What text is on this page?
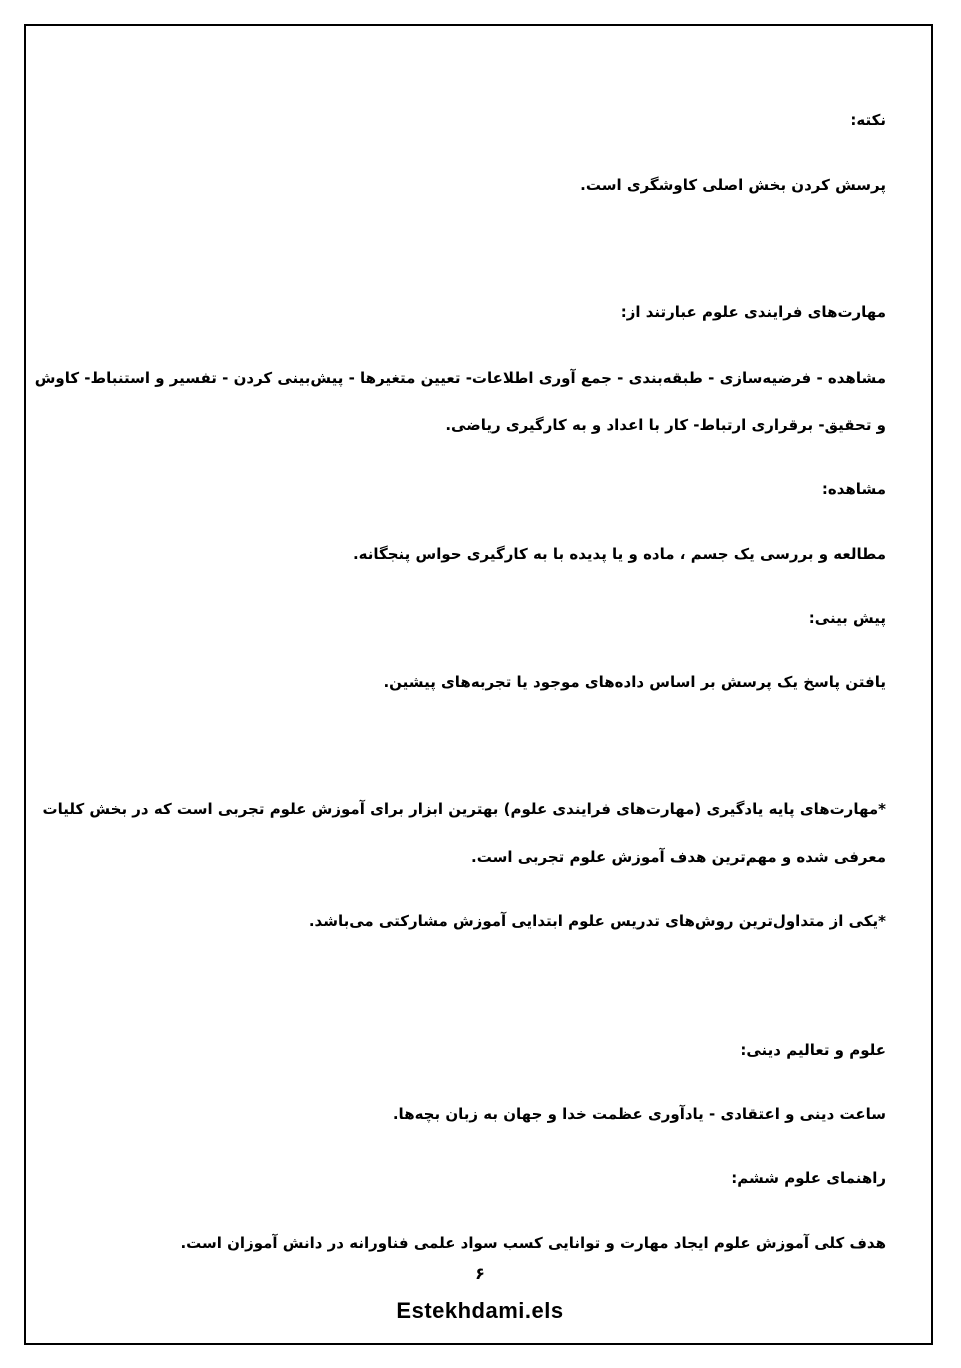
نکته:
پرسش کردن بخش اصلی کاوشگری است.
مهارت‌های فرایندی علوم عبارتند از:
مشاهده - فرضیه‌سازی - طبقه‌بندی - جمع آوری اطلاعات- تعیین متغیرها - پیش‌بینی کردن - تفسیر و استنباط- کاوش
و تحقیق- برقراری ارتباط- کار با اعداد و به کارگیری ریاضی.
مشاهده:
مطالعه و بررسی یک جسم ، ماده و یا پدیده با به کارگیری حواس پنجگانه.
پیش بینی:
یافتن پاسخ یک پرسش بر اساس داده‌های موجود یا تجربه‌های پیشین.
*مهارت‌های پایه یادگیری (مهارت‌های فرایندی علوم) بهترین ابزار برای آموزش علوم تجربی است که در بخش کلیات
معرفی شده و مهم‌ترین هدف آموزش علوم تجربی است.
*یکی از متداول‌ترین روش‌های تدریس علوم ابتدایی آموزش مشارکتی می‌باشد.
علوم و تعالیم دینی:
ساعت دینی و اعتقادی - یادآوری عظمت خدا و جهان به زبان بچه‌ها.
راهنمای علوم ششم:
هدف کلی آموزش علوم ایجاد مهارت و توانایی کسب سواد علمی فناورانه در دانش آموزان است.
۶
Estekhdami.els
